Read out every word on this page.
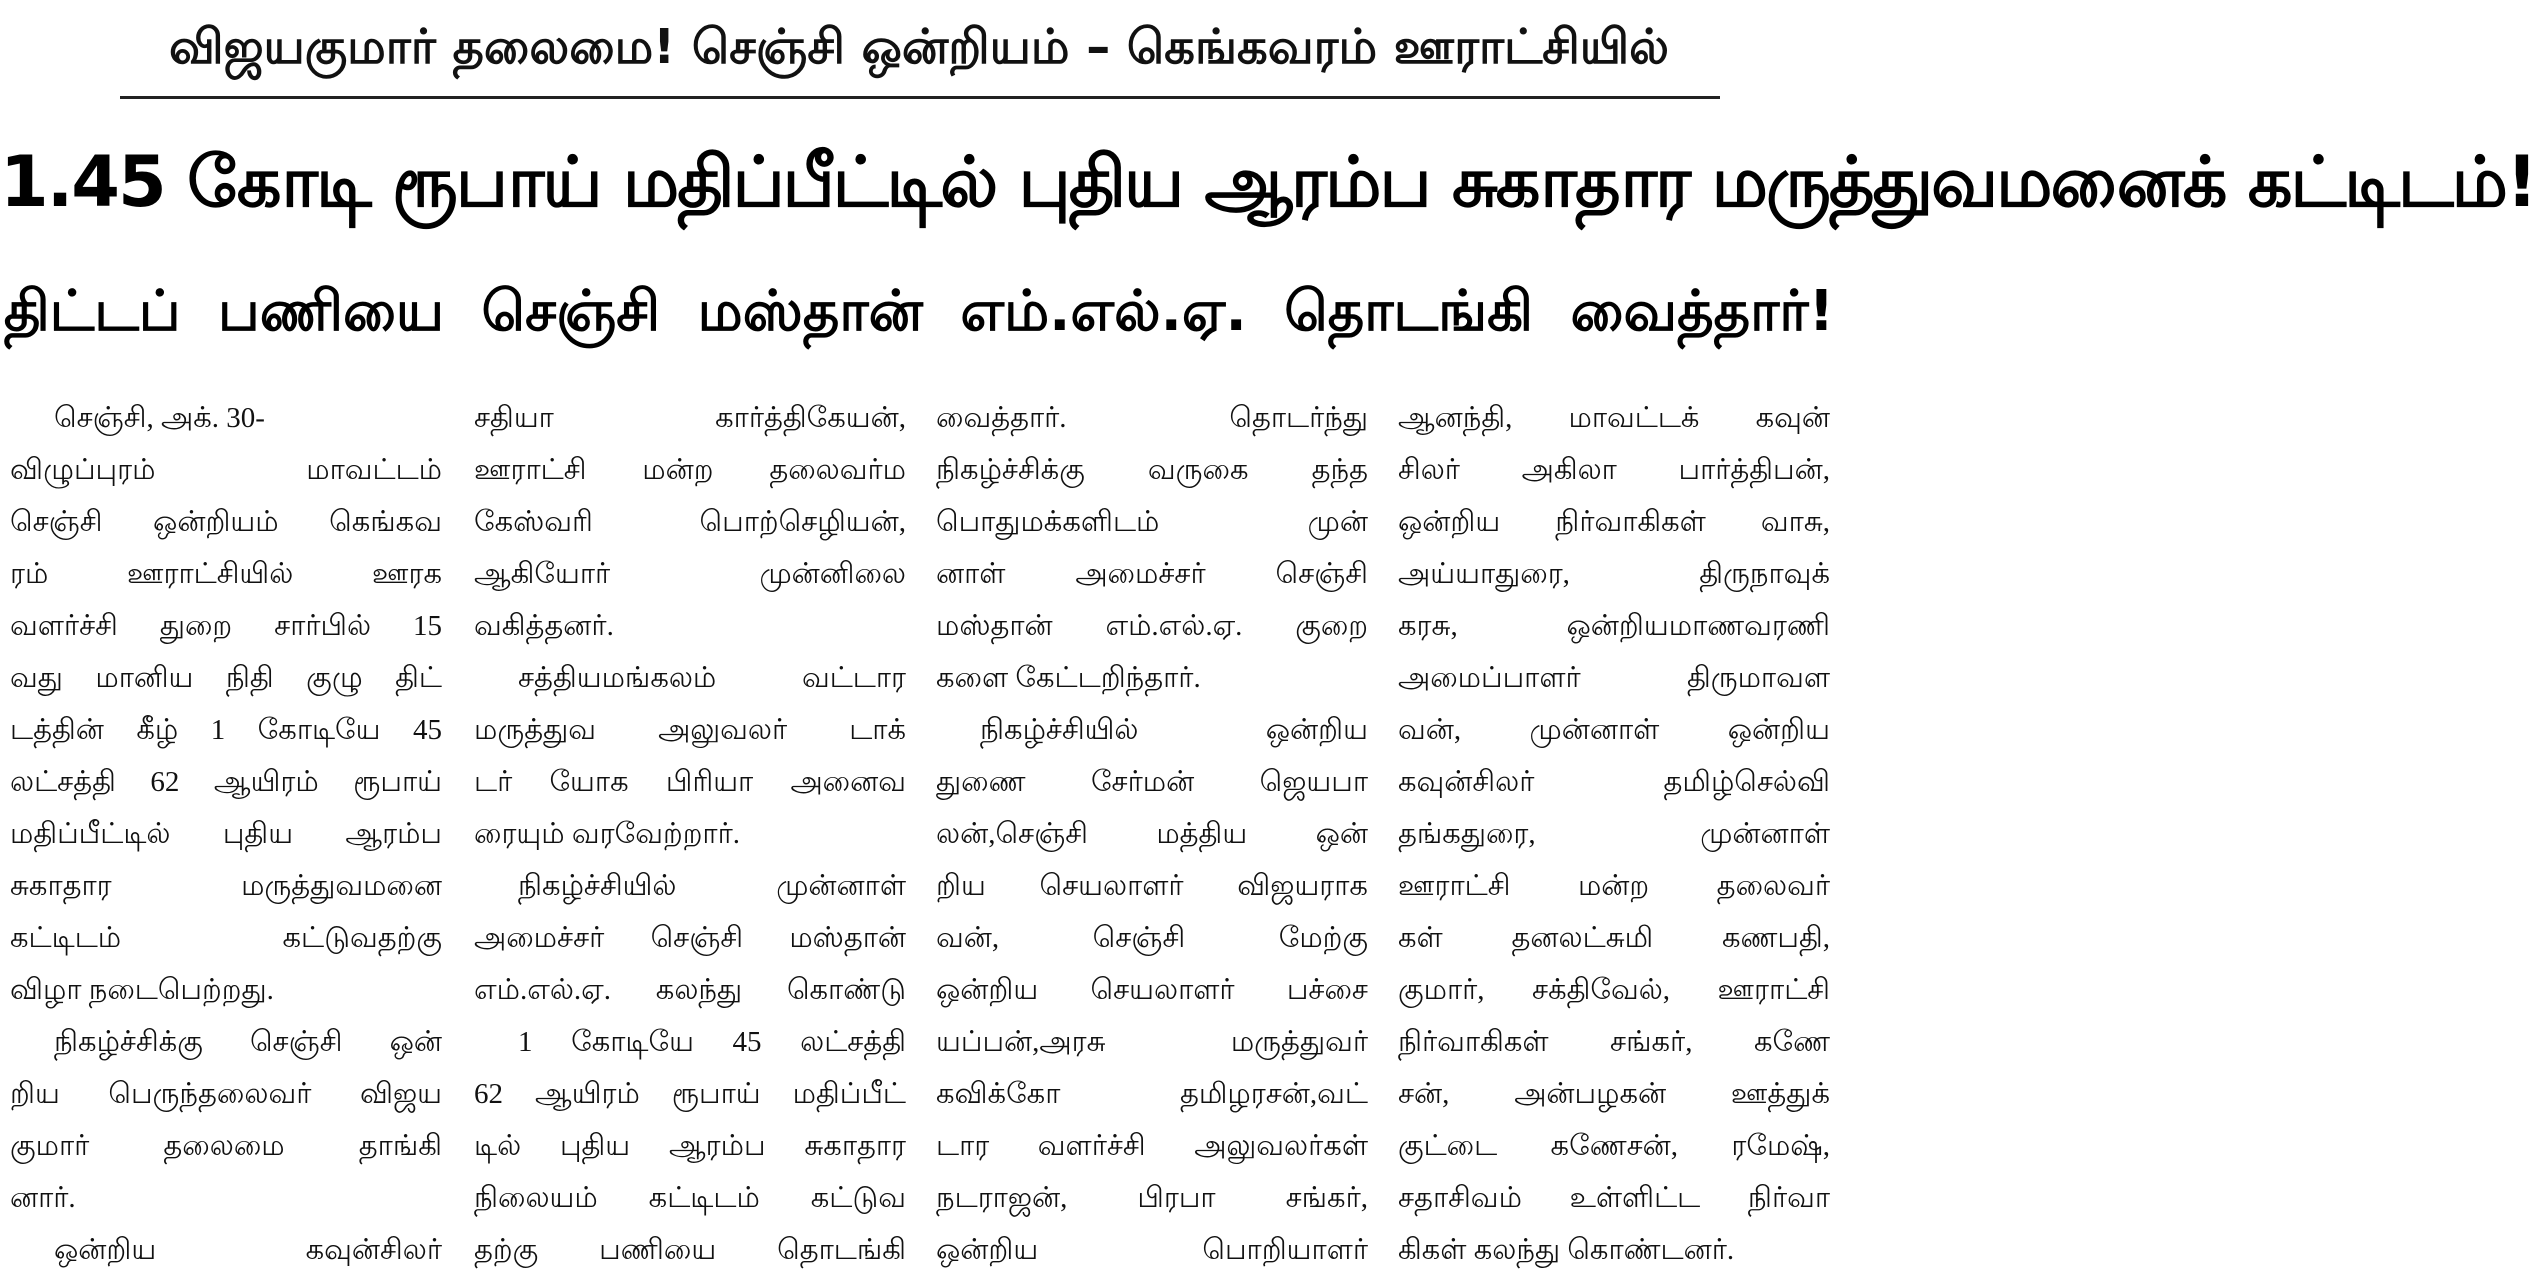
விஜயகுமார் தலைமை! செஞ்சி ஒன்றியம் – கெங்கவரம் ஊராட்சியில்
1.45 கோடி ரூபாய் மதிப்பீட்டில் புதிய ஆரம்ப சுகாதார மருத்துவமனைக் கட்டிடம்!
திட்டப் பணியை செஞ்சி மஸ்தான் எம்.எல்.ஏ. தொடங்கி வைத்தார்!
செஞ்சி, அக். 30-
விழுப்புரம் மாவட்டம்
செஞ்சி ஒன்றியம் கெங்கவ
ரம் ஊராட்சியில் ஊரக
வளர்ச்சி துறை சார்பில் 15
வது மானிய நிதி குழு திட்
டத்தின் கீழ் 1 கோடியே 45
லட்சத்தி 62 ஆயிரம் ரூபாய்
மதிப்பீட்டில் புதிய ஆரம்ப
சுகாதார மருத்துவமனை
கட்டிடம் கட்டுவதற்கு
விழா நடைபெற்றது.
நிகழ்ச்சிக்கு செஞ்சி ஒன்
றிய பெருந்தலைவர் விஜய
குமார் தலைமை தாங்கி
னார்.
ஒன்றிய கவுன்சிலர்
சதியா கார்த்திகேயன்,
ஊராட்சி மன்ற தலைவர்ம
கேஸ்வரி பொற்செழியன்,
ஆகியோர் முன்னிலை
வகித்தனர்.
சத்தியமங்கலம் வட்டார
மருத்துவ அலுவலர் டாக்
டர் யோக பிரியா அனைவ
ரையும் வரவேற்றார்.
நிகழ்ச்சியில் முன்னாள்
அமைச்சர் செஞ்சி மஸ்தான்
எம்.எல்.ஏ. கலந்து கொண்டு
1 கோடியே 45 லட்சத்தி
62 ஆயிரம் ரூபாய் மதிப்பீட்
டில் புதிய ஆரம்ப சுகாதார
நிலையம் கட்டிடம் கட்டுவ
தற்கு பணியை தொடங்கி
வைத்தார். தொடர்ந்து
நிகழ்ச்சிக்கு வருகை தந்த
பொதுமக்களிடம் முன்
னாள் அமைச்சர் செஞ்சி
மஸ்தான் எம்.எல்.ஏ. குறை
களை கேட்டறிந்தார்.
நிகழ்ச்சியில் ஒன்றிய
துணை சேர்மன் ஜெயபா
லன்,செஞ்சி மத்திய ஒன்
றிய செயலாளர் விஜயராக
வன், செஞ்சி மேற்கு
ஒன்றிய செயலாளர் பச்சை
யப்பன்,அரசு மருத்துவர்
கவிக்கோ தமிழரசன்,வட்
டார வளர்ச்சி அலுவலர்கள்
நடராஜன், பிரபா சங்கர்,
ஒன்றிய பொறியாளர்
ஆனந்தி, மாவட்டக் கவுன்
சிலர் அகிலா பார்த்திபன்,
ஒன்றிய நிர்வாகிகள் வாசு,
அய்யாதுரை, திருநாவுக்
கரசு, ஒன்றியமாணவரணி
அமைப்பாளர் திருமாவள
வன், முன்னாள் ஒன்றிய
கவுன்சிலர் தமிழ்செல்வி
தங்கதுரை, முன்னாள்
ஊராட்சி மன்ற தலைவர்
கள் தனலட்சுமி கணபதி,
குமார், சக்திவேல், ஊராட்சி
நிர்வாகிகள் சங்கர், கணே
சன், அன்பழகன் ஊத்துக்
குட்டை கணேசன், ரமேஷ்,
சதாசிவம் உள்ளிட்ட நிர்வா
கிகள் கலந்து கொண்டனர்.
